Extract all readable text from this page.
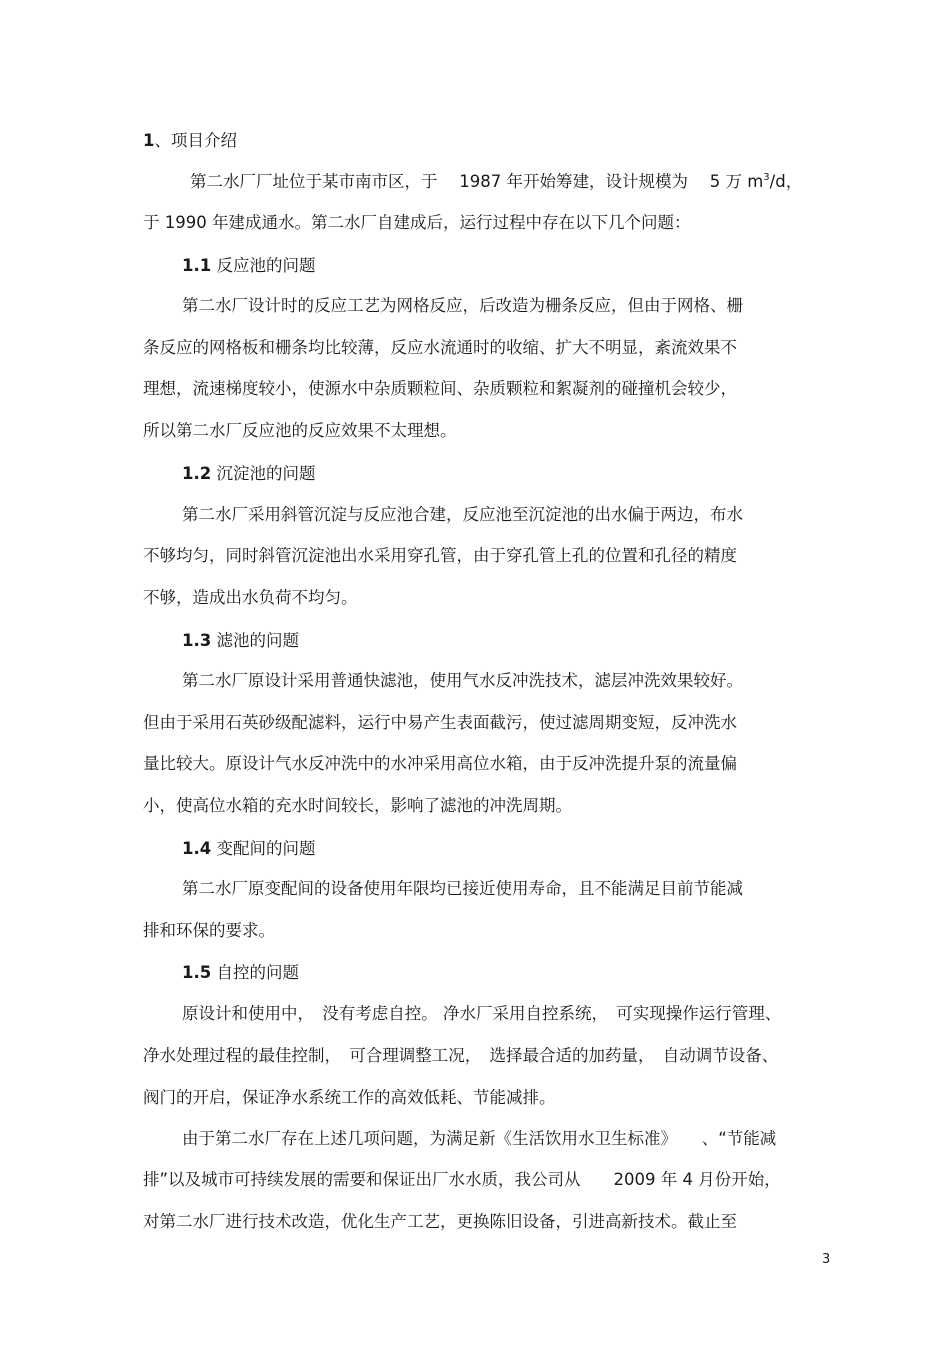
1、项目介绍
第二水厂厂址位于某市南市区，于　 1987 年开始筹建，设计规模为　 5 万 $m^3/d$，
于 1990 年建成通水。第二水厂自建成后，运行过程中存在以下几个问题：
1.1 反应池的问题
第二水厂设计时的反应工艺为网格反应，后改造为栅条反应，但由于网格、栅
条反应的网格板和栅条均比较薄，反应水流通时的收缩、扩大不明显，紊流效果不
理想，流速梯度较小，使源水中杂质颗粒间、杂质颗粒和絮凝剂的碰撞机会较少，
所以第二水厂反应池的反应效果不太理想。
1.2 沉淀池的问题
第二水厂采用斜管沉淀与反应池合建，反应池至沉淀池的出水偏于两边，布水
不够均匀，同时斜管沉淀池出水采用穿孔管，由于穿孔管上孔的位置和孔径的精度
不够，造成出水负荷不均匀。
1.3 滤池的问题
第二水厂原设计采用普通快滤池，使用气水反冲洗技术，滤层冲洗效果较好。
但由于采用石英砂级配滤料，运行中易产生表面截污，使过滤周期变短，反冲洗水
量比较大。原设计气水反冲洗中的水冲采用高位水箱，由于反冲洗提升泵的流量偏
小，使高位水箱的充水时间较长，影响了滤池的冲洗周期。
1.4 变配间的问题
第二水厂原变配间的设备使用年限均已接近使用寿命，且不能满足目前节能减
排和环保的要求。
1.5 自控的问题
原设计和使用中，　没有考虑自控。 净水厂采用自控系统，　可实现操作运行管理、
净水处理过程的最佳控制，　可合理调整工况，　选择最合适的加药量，　自动调节设备、
阀门的开启，保证净水系统工作的高效低耗、节能减排。
由于第二水厂存在上述几项问题，为满足新《生活饮用水卫生标准》　　、“节能减
排”以及城市可持续发展的需要和保证出厂水水质，我公司从　　2009 年 4 月份开始，
对第二水厂进行技术改造，优化生产工艺，更换陈旧设备，引进高新技术。截止至
3
